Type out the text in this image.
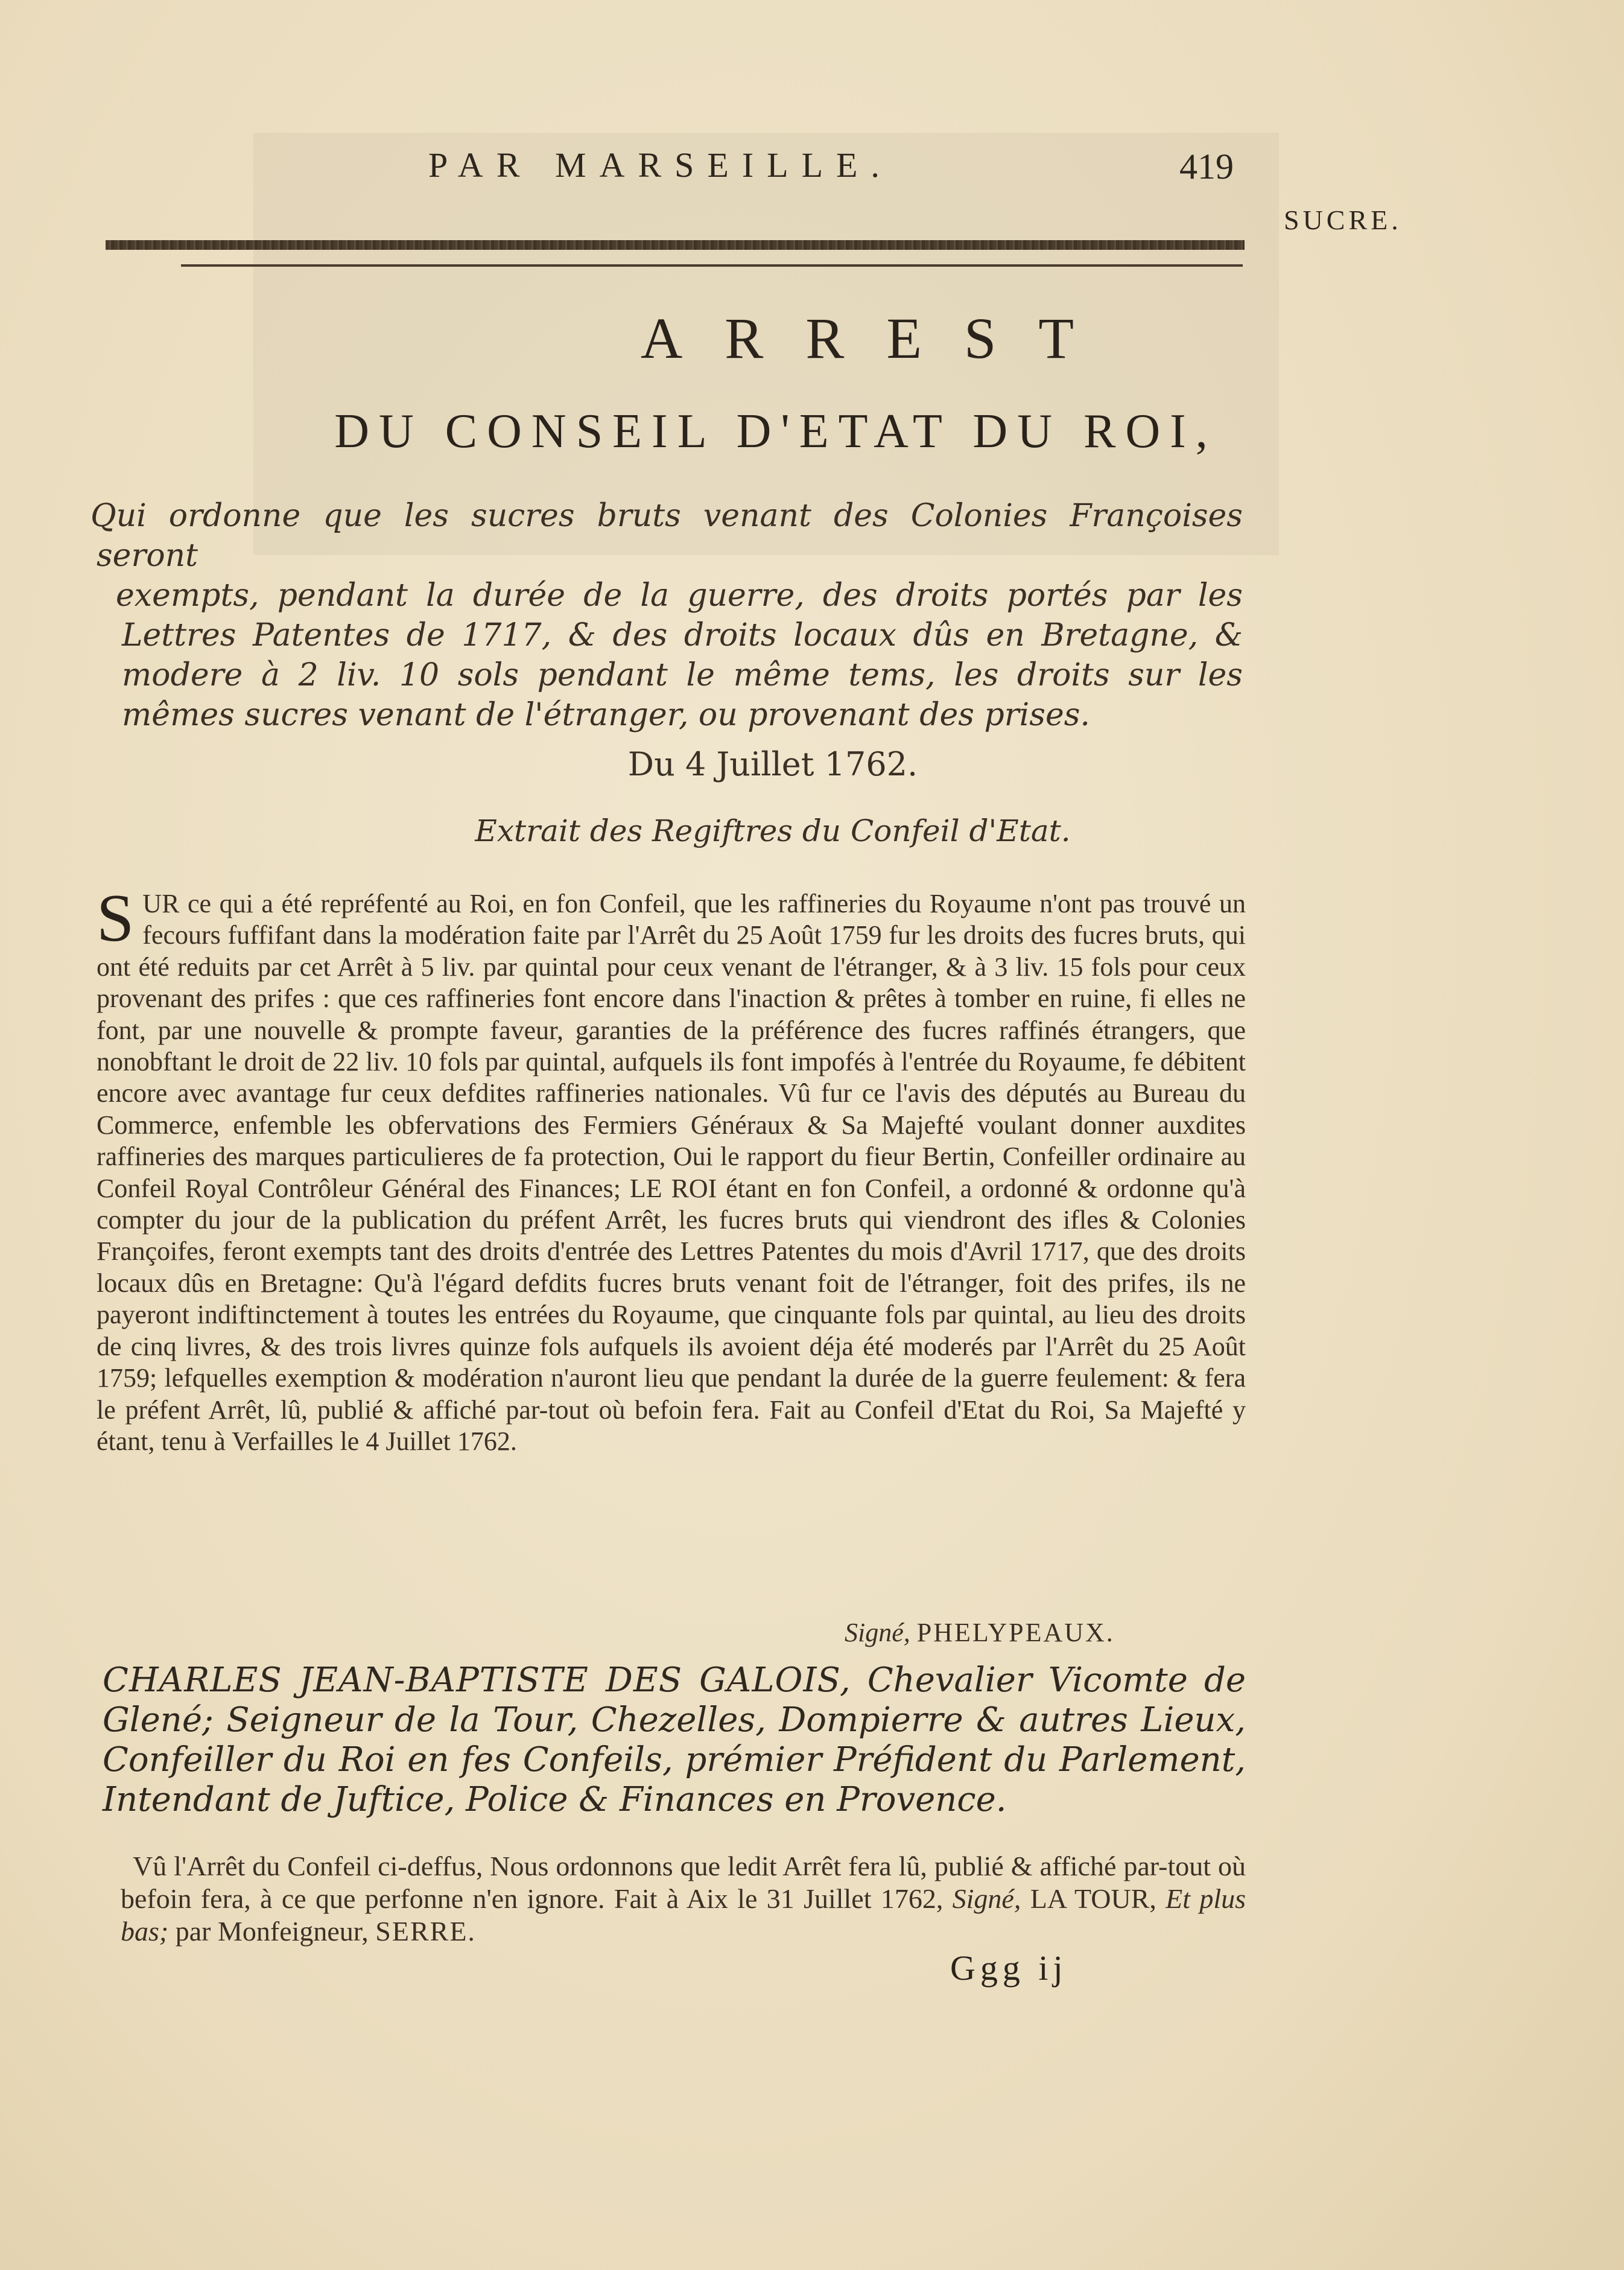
PAR MARSEILLE.	419
SUCRE.
ARREST
DU CONSEIL D'ETAT DU ROI,
Qui ordonne que les sucres bruts venant des Colonies Françoises seront
exempts, pendant la durée de la guerre, des droits portés par les Lettres Patentes de 1717, & des droits locaux dûs en Bretagne, & modere à 2 liv. 10 sols pendant le même tems, les droits sur les mêmes sucres venant de l'étranger, ou provenant des prises.
Du 4 Juillet 1762.
Extrait des Regiftres du Confeil d'Etat.
S UR ce qui a été repréfenté au Roi, en fon Confeil, que les raffineries du Royaume n'ont pas trouvé un fecours fuffifant dans la modération faite par l'Arrêt du 25 Août 1759 fur les droits des fucres bruts, qui ont été reduits par cet Arrêt à 5 liv. par quintal pour ceux venant de l'étranger, & à 3 liv. 15 fols pour ceux provenant des prifes : que ces raffineries font encore dans l'inaction & prêtes à tomber en ruine, fi elles ne font, par une nouvelle & prompte faveur, garanties de la préférence des fucres raffinés étrangers, que nonobftant le droit de 22 liv. 10 fols par quintal, aufquels ils font impofés à l'entrée du Royaume, fe débitent encore avec avantage fur ceux defdites raffineries nationales. Vû fur ce l'avis des députés au Bureau du Commerce, enfemble les obfervations des Fermiers Généraux & Sa Majefté voulant donner auxdites raffineries des marques particulieres de fa protection, Oui le rapport du fieur Bertin, Confeiller ordinaire au Confeil Royal Contrôleur Général des Finances; LE ROI étant en fon Confeil, a ordonné & ordonne qu'à compter du jour de la publication du préfent Arrêt, les fucres bruts qui viendront des ifles & Colonies Françoifes, feront exempts tant des droits d'entrée des Lettres Patentes du mois d'Avril 1717, que des droits locaux dûs en Bretagne: Qu'à l'égard defdits fucres bruts venant foit de l'étranger, foit des prifes, ils ne payeront indiftinctement à toutes les entrées du Royaume, que cinquante fols par quintal, au lieu des droits de cinq livres, & des trois livres quinze fols aufquels ils avoient déja été moderés par l'Arrêt du 25 Août 1759; lefquelles exemption & modération n'auront lieu que pendant la durée de la guerre feulement: & fera le préfent Arrêt, lû, publié & affiché par-tout où befoin fera. Fait au Confeil d'Etat du Roi, Sa Majefté y étant, tenu à Verfailles le 4 Juillet 1762.
Signé, PHELYPEAUX.
CHARLES JEAN-BAPTISTE DES GALOIS, Chevalier Vicomte de Glené; Seigneur de la Tour, Chezelles, Dompierre & autres Lieux, Confeiller du Roi en fes Confeils, prémier Préfident du Parlement, Intendant de Juftice, Police & Finances en Provence.
Vû l'Arrêt du Confeil ci-deffus, Nous ordonnons que ledit Arrêt fera lû, publié & affiché par-tout où befoin fera, à ce que perfonne n'en ignore. Fait à Aix le 31 Juillet 1762, Signé, LA TOUR, Et plus bas; par Monfeigneur, SERRE.
Ggg ij
